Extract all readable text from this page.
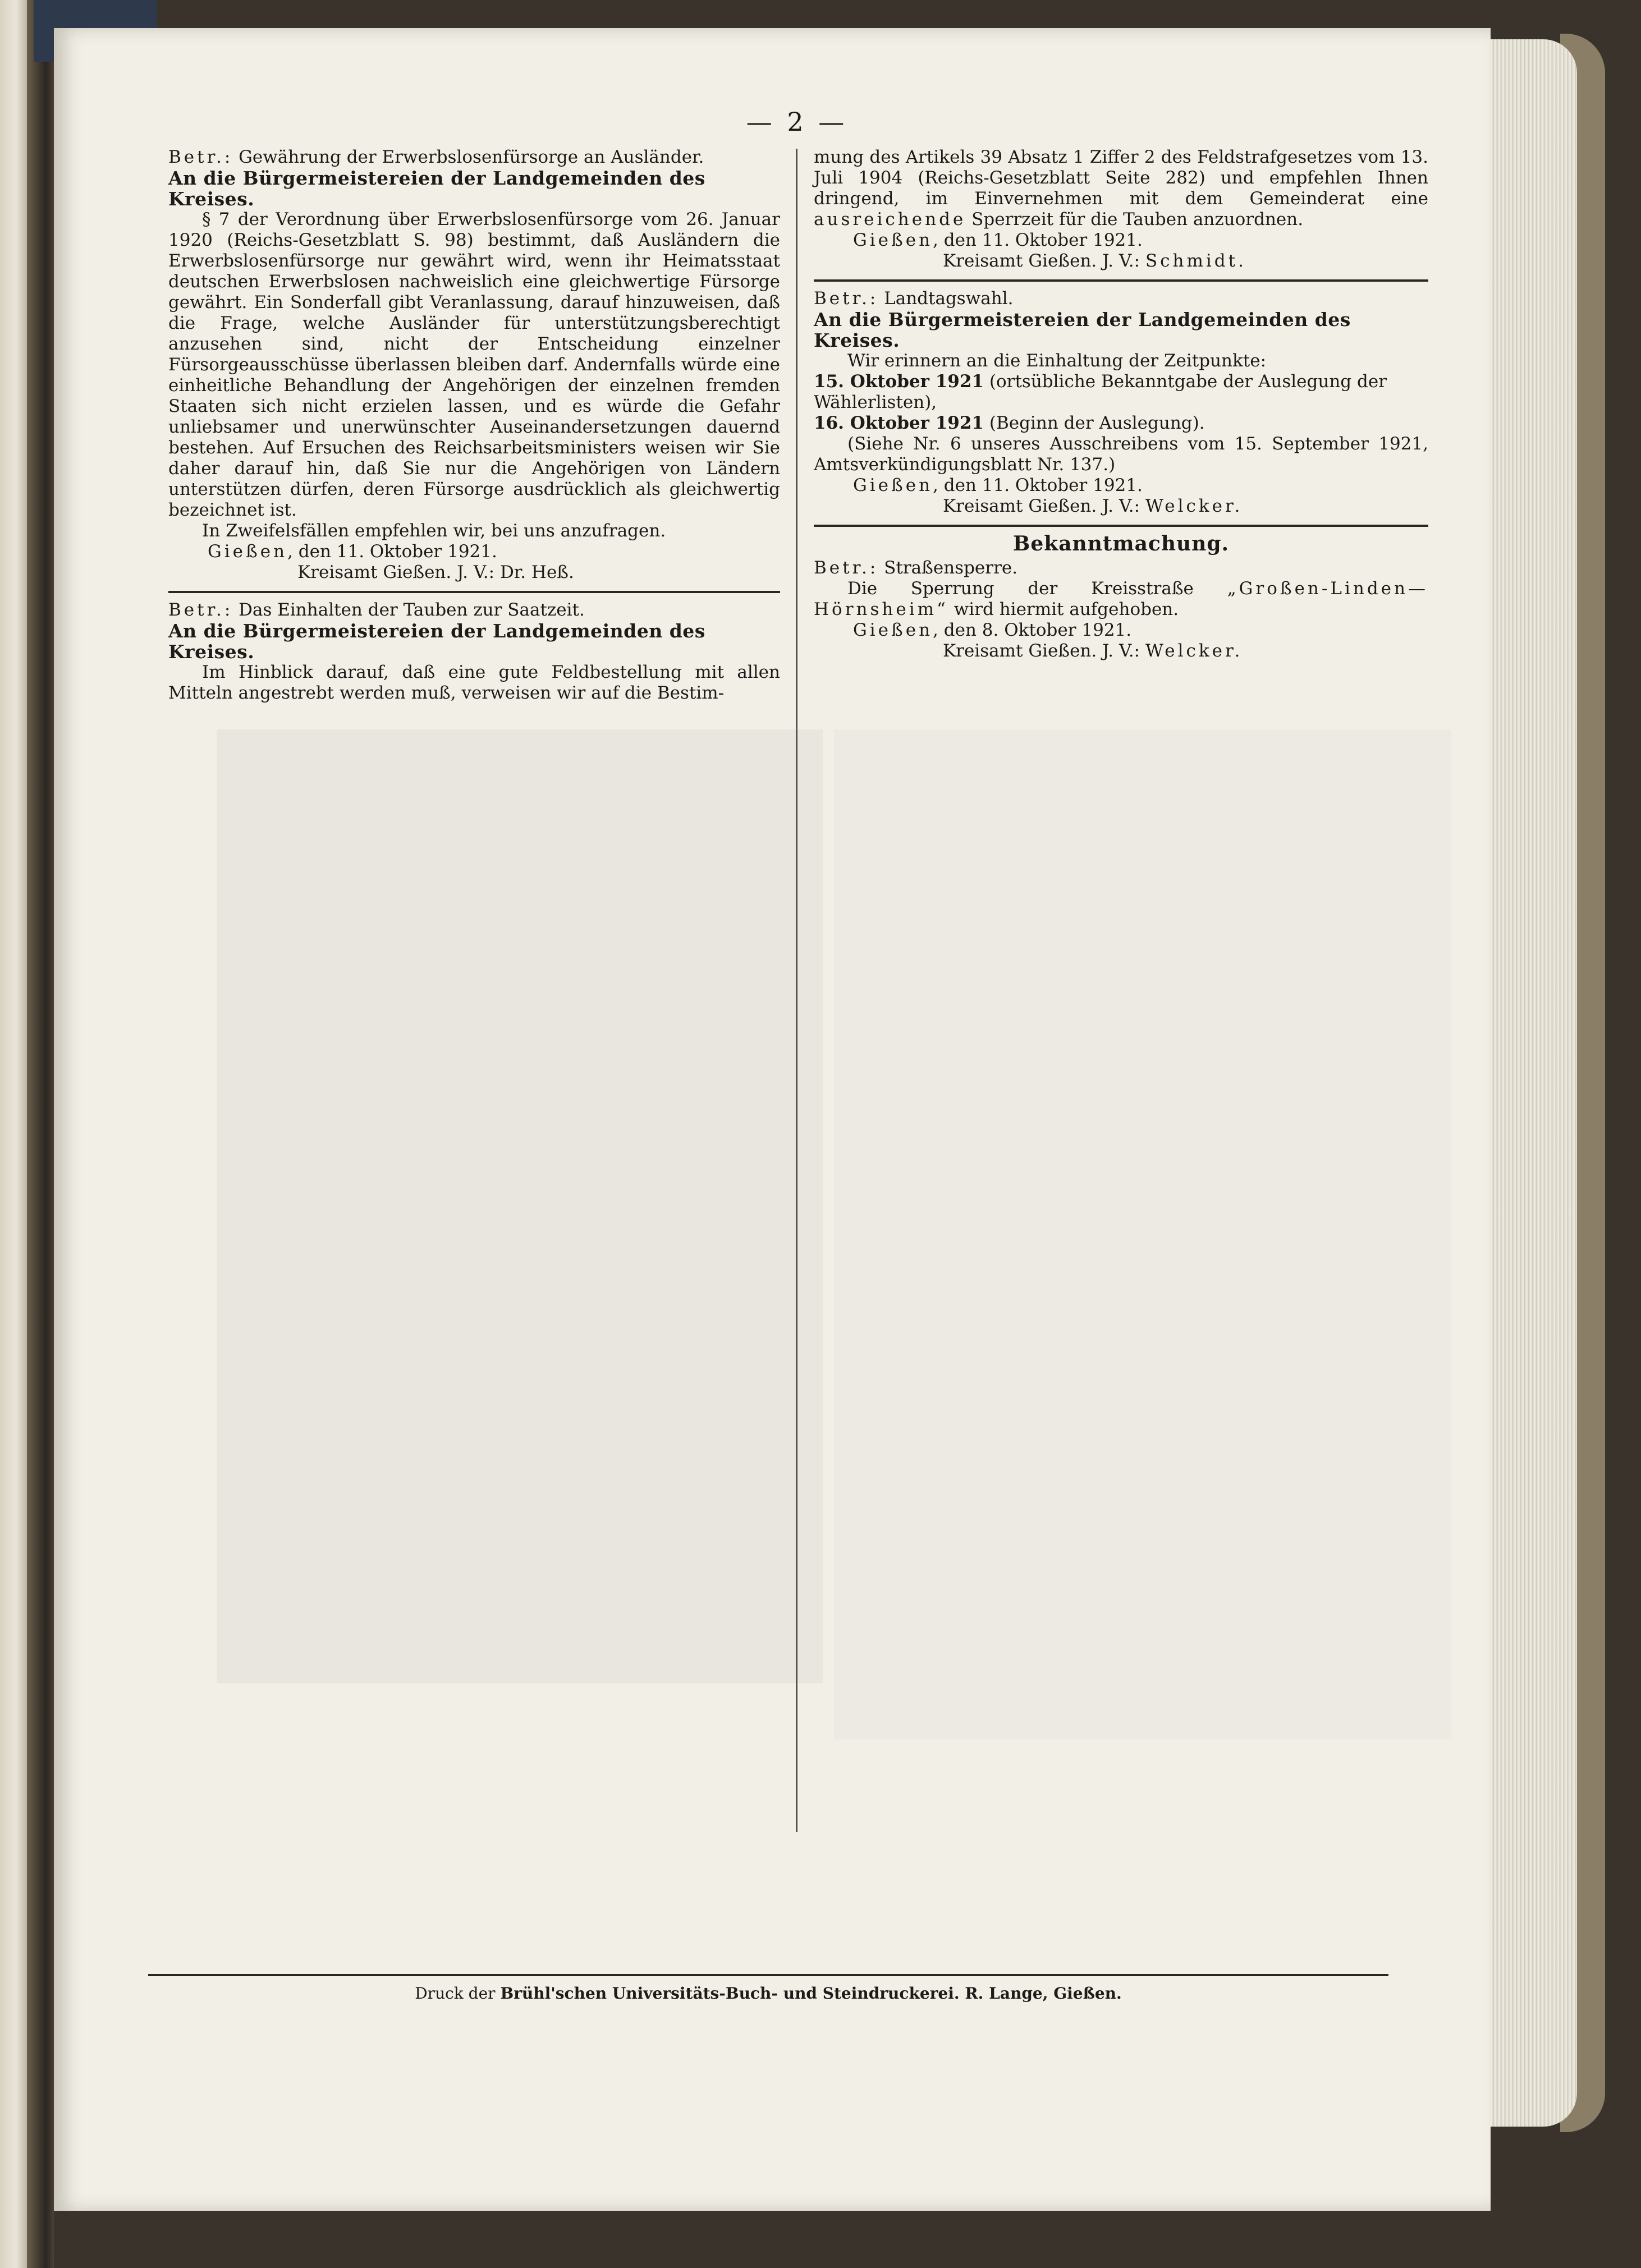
— 2 —

Betr.: Gewährung der Erwerbslosenfürsorge an Ausländer.

An die Bürgermeistereien der Landgemeinden des Kreises.

§ 7 der Verordnung über Erwerbslosenfürsorge vom 26. Januar 1920 (Reichs-Gesetzblatt S. 98) bestimmt, daß Ausländern die Erwerbslosenfürsorge nur gewährt wird, wenn ihr Heimatsstaat deutschen Erwerbslosen nachweislich eine gleichwertige Fürsorge gewährt. Ein Sonderfall gibt Veranlassung, darauf hinzuweisen, daß die Frage, welche Ausländer für unterstützungsberechtigt anzusehen sind, nicht der Entscheidung einzelner Fürsorgeausschüsse überlassen bleiben darf. Andernfalls würde eine einheitliche Behandlung der Angehörigen der einzelnen fremden Staaten sich nicht erzielen lassen, und es würde die Gefahr unliebsamer und unerwünschter Auseinandersetzungen dauernd bestehen. Auf Ersuchen des Reichsarbeitsministers weisen wir Sie daher darauf hin, daß Sie nur die Angehörigen von Ländern unterstützen dürfen, deren Fürsorge ausdrücklich als gleichwertig bezeichnet ist.

In Zweifelsfällen empfehlen wir, bei uns anzufragen.

Gießen, den 11. Oktober 1921.

Kreisamt Gießen. J. V.: Dr. Heß.

Betr.: Das Einhalten der Tauben zur Saatzeit.

An die Bürgermeistereien der Landgemeinden des Kreises.

Im Hinblick darauf, daß eine gute Feldbestellung mit allen Mitteln angestrebt werden muß, verweisen wir auf die Bestim-

mung des Artikels 39 Absatz 1 Ziffer 2 des Feldstrafgesetzes vom 13. Juli 1904 (Reichs-Gesetzblatt Seite 282) und empfehlen Ihnen dringend, im Einvernehmen mit dem Gemeinderat eine ausreichende Sperrzeit für die Tauben anzuordnen.

Gießen, den 11. Oktober 1921.

Kreisamt Gießen. J. V.: Schmidt.

Betr.: Landtagswahl.

An die Bürgermeistereien der Landgemeinden des Kreises.

Wir erinnern an die Einhaltung der Zeitpunkte:

15. Oktober 1921 (ortsübliche Bekanntgabe der Auslegung der Wählerlisten),

16. Oktober 1921 (Beginn der Auslegung).

(Siehe Nr. 6 unseres Ausschreibens vom 15. September 1921, Amtsverkündigungsblatt Nr. 137.)

Gießen, den 11. Oktober 1921.

Kreisamt Gießen. J. V.: Welcker.

Bekanntmachung.

Betr.: Straßensperre.

Die Sperrung der Kreisstraße „Großen-Linden—Hörnsheim“ wird hiermit aufgehoben.

Gießen, den 8. Oktober 1921.

Kreisamt Gießen. J. V.: Welcker.

Druck der Brühl'schen Universitäts-Buch- und Steindruckerei. R. Lange, Gießen.
